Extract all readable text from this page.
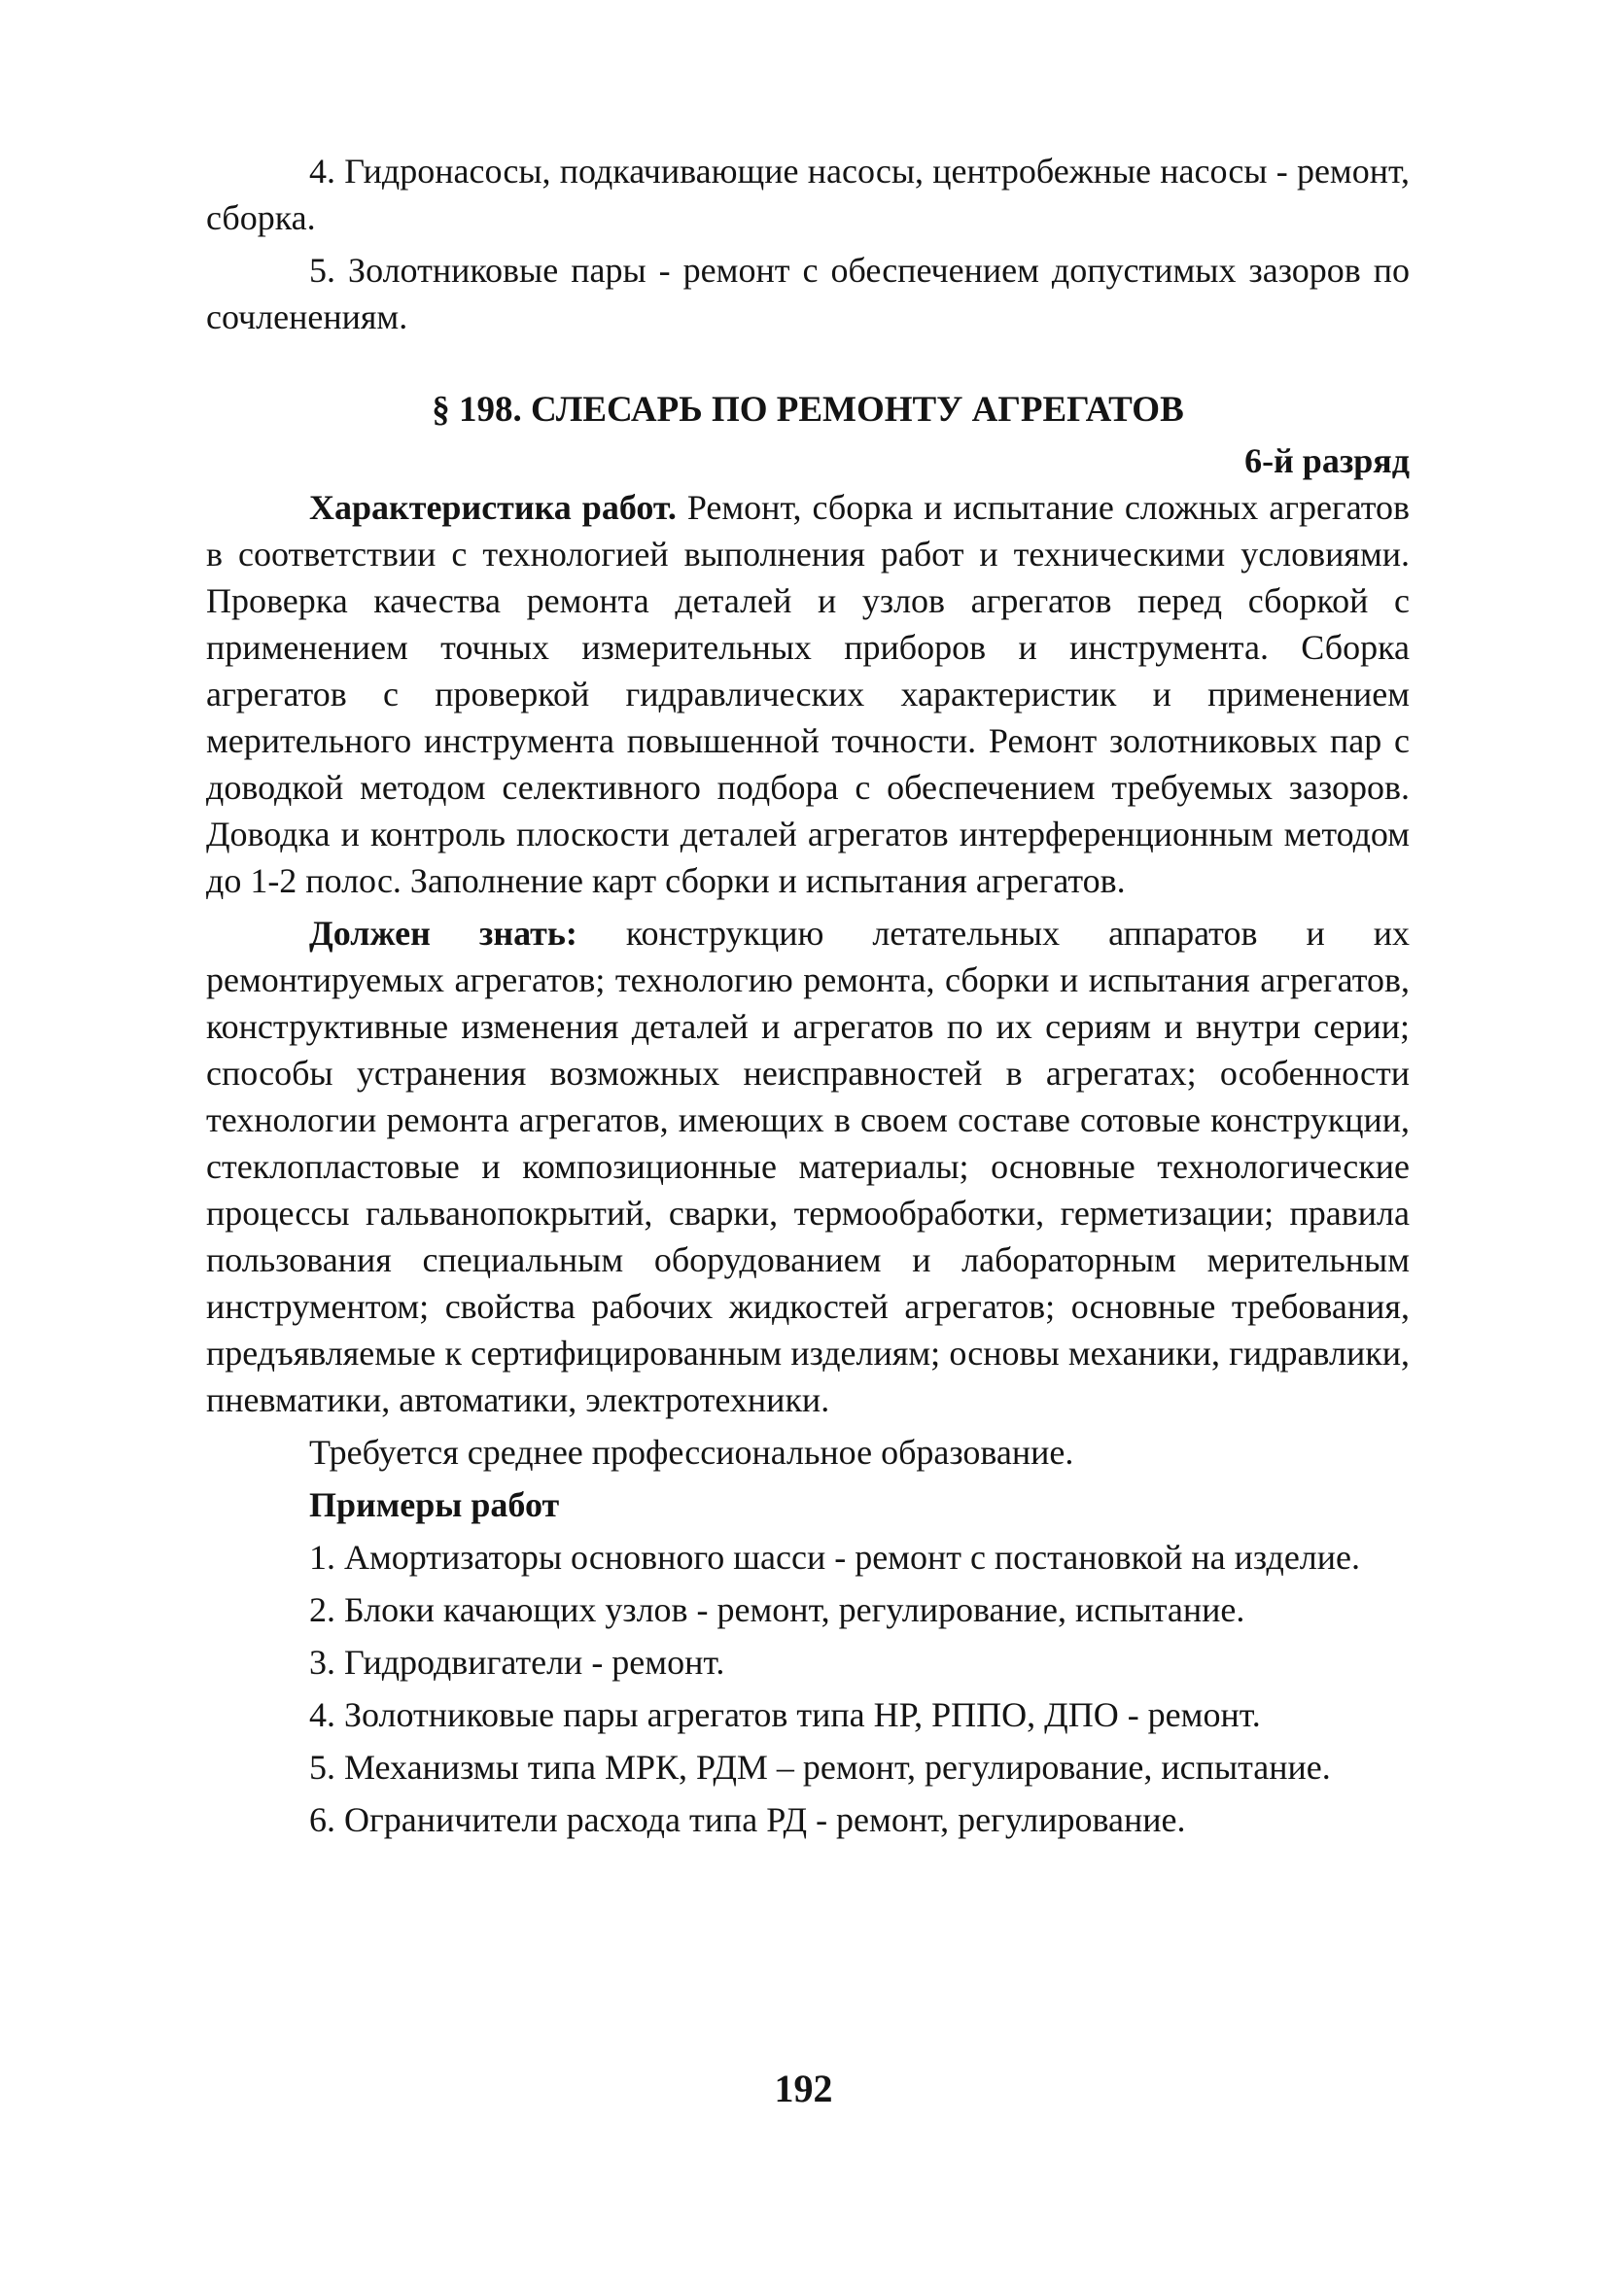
4. Гидронасосы, подкачивающие насосы, центробежные насосы - ремонт, сборка.

5. Золотниковые пары - ремонт с обеспечением допустимых зазоров по сочленениям.

§ 198. СЛЕСАРЬ ПО РЕМОНТУ АГРЕГАТОВ
6-й разряд

Характеристика работ. Ремонт, сборка и испытание сложных агрегатов в соответствии с технологией выполнения работ и техническими условиями. Проверка качества ремонта деталей и узлов агрегатов перед сборкой с применением точных измерительных приборов и инструмента. Сборка агрегатов с проверкой гидравлических характеристик и применением мерительного инструмента повышенной точности. Ремонт золотниковых пар с доводкой методом селективного подбора с обеспечением требуемых зазоров. Доводка и контроль плоскости деталей агрегатов интерференционным методом до 1-2 полос. Заполнение карт сборки и испытания агрегатов.

Должен знать: конструкцию летательных аппаратов и их ремонтируемых агрегатов; технологию ремонта, сборки и испытания агрегатов, конструктивные изменения деталей и агрегатов по их сериям и внутри серии; способы устранения возможных неисправностей в агрегатах; особенности технологии ремонта агрегатов, имеющих в своем составе сотовые конструкции, стеклопластовые и композиционные материалы; основные технологические процессы гальванопокрытий, сварки, термообработки, герметизации; правила пользования специальным оборудованием и лабораторным мерительным инструментом; свойства рабочих жидкостей агрегатов; основные требования, предъявляемые к сертифицированным изделиям; основы механики, гидравлики, пневматики, автоматики, электротехники.

Требуется среднее профессиональное образование.

Примеры работ

1. Амортизаторы основного шасси - ремонт с постановкой на изделие.

2. Блоки качающих узлов - ремонт, регулирование, испытание.

3. Гидродвигатели - ремонт.

4. Золотниковые пары агрегатов типа НР, РППО, ДПО - ремонт.

5. Механизмы типа МРК, РДМ – ремонт, регулирование, испытание.

6. Ограничители расхода типа РД - ремонт, регулирование.

192
